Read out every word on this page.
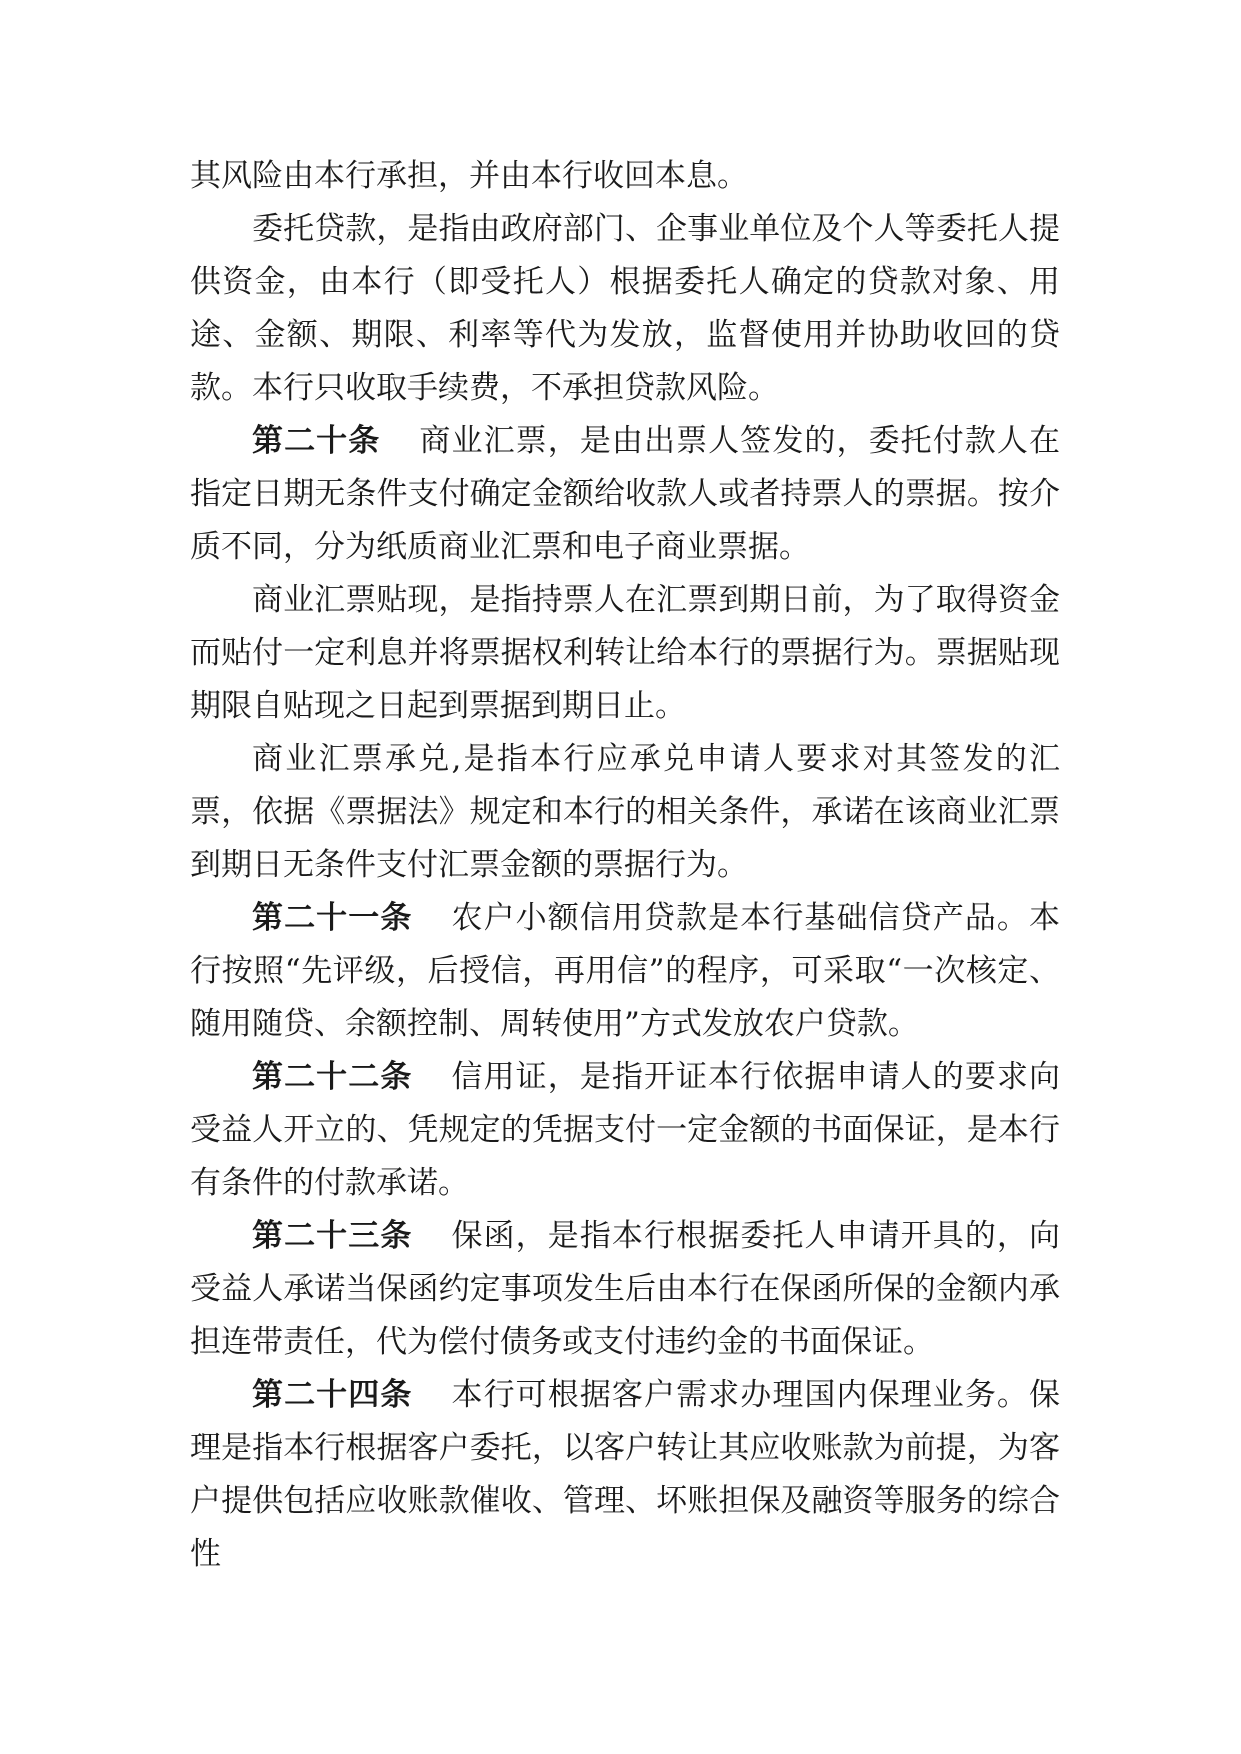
其风险由本行承担，并由本行收回本息。

委托贷款，是指由政府部门、企事业单位及个人等委托人提供资金，由本行（即受托人）根据委托人确定的贷款对象、用途、金额、期限、利率等代为发放，监督使用并协助收回的贷款。本行只收取手续费，不承担贷款风险。

第二十条 商业汇票，是由出票人签发的，委托付款人在指定日期无条件支付确定金额给收款人或者持票人的票据。按介质不同，分为纸质商业汇票和电子商业票据。

商业汇票贴现，是指持票人在汇票到期日前，为了取得资金而贴付一定利息并将票据权利转让给本行的票据行为。票据贴现期限自贴现之日起到票据到期日止。

商业汇票承兑,是指本行应承兑申请人要求对其签发的汇票，依据《票据法》规定和本行的相关条件，承诺在该商业汇票到期日无条件支付汇票金额的票据行为。

第二十一条 农户小额信用贷款是本行基础信贷产品。本行按照“先评级，后授信，再用信”的程序，可采取“一次核定、随用随贷、余额控制、周转使用”方式发放农户贷款。

第二十二条 信用证，是指开证本行依据申请人的要求向受益人开立的、凭规定的凭据支付一定金额的书面保证，是本行有条件的付款承诺。

第二十三条 保函，是指本行根据委托人申请开具的，向受益人承诺当保函约定事项发生后由本行在保函所保的金额内承担连带责任，代为偿付债务或支付违约金的书面保证。

第二十四条 本行可根据客户需求办理国内保理业务。保理是指本行根据客户委托，以客户转让其应收账款为前提，为客户提供包括应收账款催收、管理、坏账担保及融资等服务的综合性
